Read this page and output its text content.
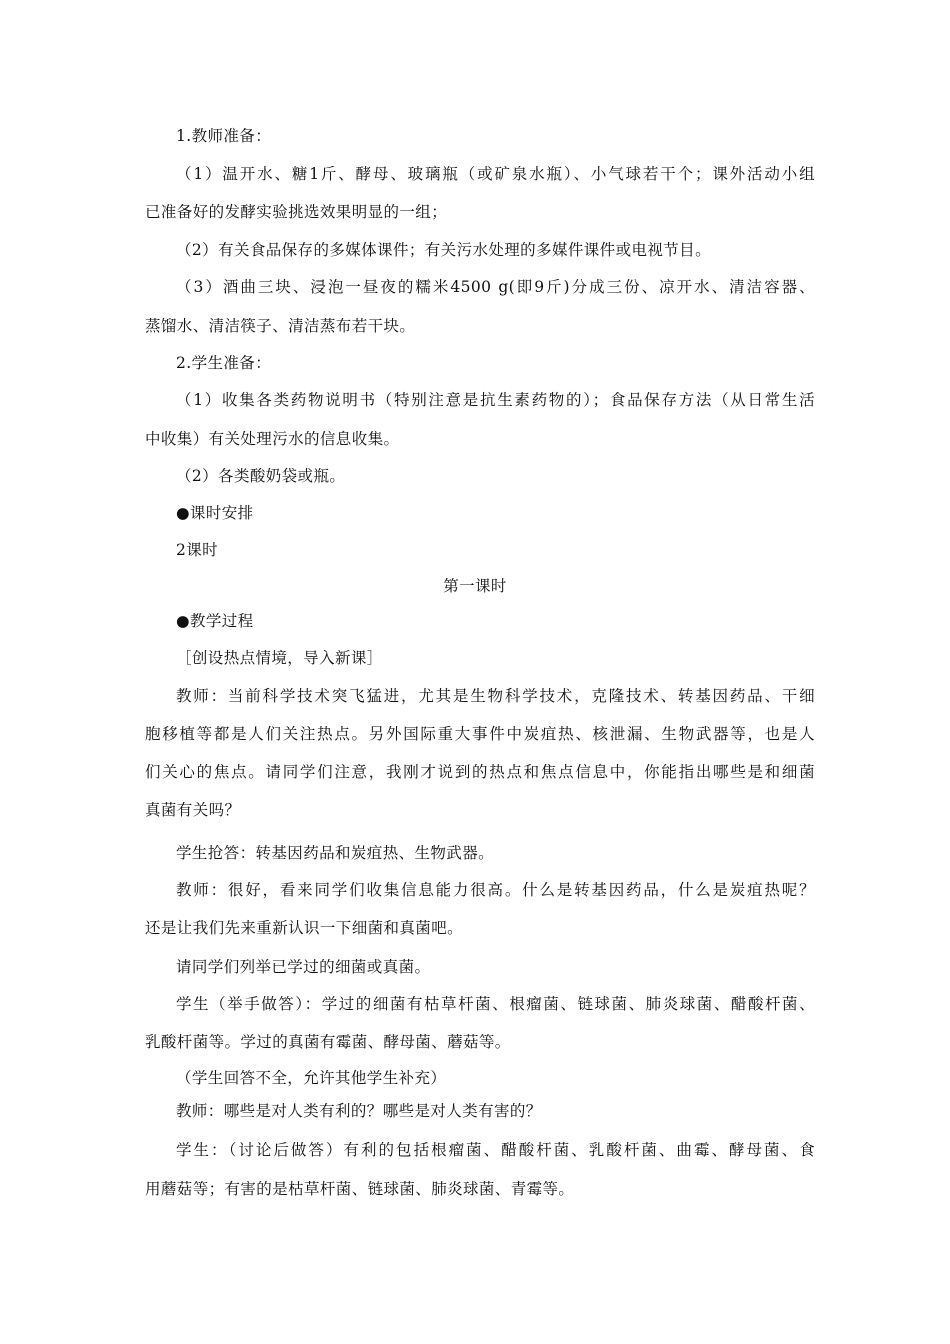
1.教师准备：
（1）温开水、糖1斤、酵母、玻璃瓶（或矿泉水瓶）、小气球若干个；课外活动小组
已准备好的发酵实验挑选效果明显的一组；
（2）有关食品保存的多媒体课件；有关污水处理的多媒件课件或电视节目。
（3）酒曲三块、浸泡一昼夜的糯米4500 g(即9斤)分成三份、凉开水、清洁容器、
蒸馏水、清洁筷子、清洁蒸布若干块。
2.学生准备：
（1）收集各类药物说明书（特别注意是抗生素药物的）；食品保存方法（从日常生活
中收集）有关处理污水的信息收集。
（2）各类酸奶袋或瓶。
●课时安排
2课时
第一课时
●教学过程
［创设热点情境，导入新课］
教师：当前科学技术突飞猛进，尤其是生物科学技术，克隆技术、转基因药品、干细
胞移植等都是人们关注热点。另外国际重大事件中炭疽热、核泄漏、生物武器等，也是人
们关心的焦点。请同学们注意，我刚才说到的热点和焦点信息中，你能指出哪些是和细菌
真菌有关吗？
学生抢答：转基因药品和炭疽热、生物武器。
教师：很好，看来同学们收集信息能力很高。什么是转基因药品，什么是炭疽热呢？
还是让我们先来重新认识一下细菌和真菌吧。
请同学们列举已学过的细菌或真菌。
学生（举手做答）：学过的细菌有枯草杆菌、根瘤菌、链球菌、肺炎球菌、醋酸杆菌、
乳酸杆菌等。学过的真菌有霉菌、酵母菌、蘑菇等。
（学生回答不全，允许其他学生补充）
教师：哪些是对人类有利的？哪些是对人类有害的？
学生：（讨论后做答）有利的包括根瘤菌、醋酸杆菌、乳酸杆菌、曲霉、酵母菌、食
用蘑菇等；有害的是枯草杆菌、链球菌、肺炎球菌、青霉等。
